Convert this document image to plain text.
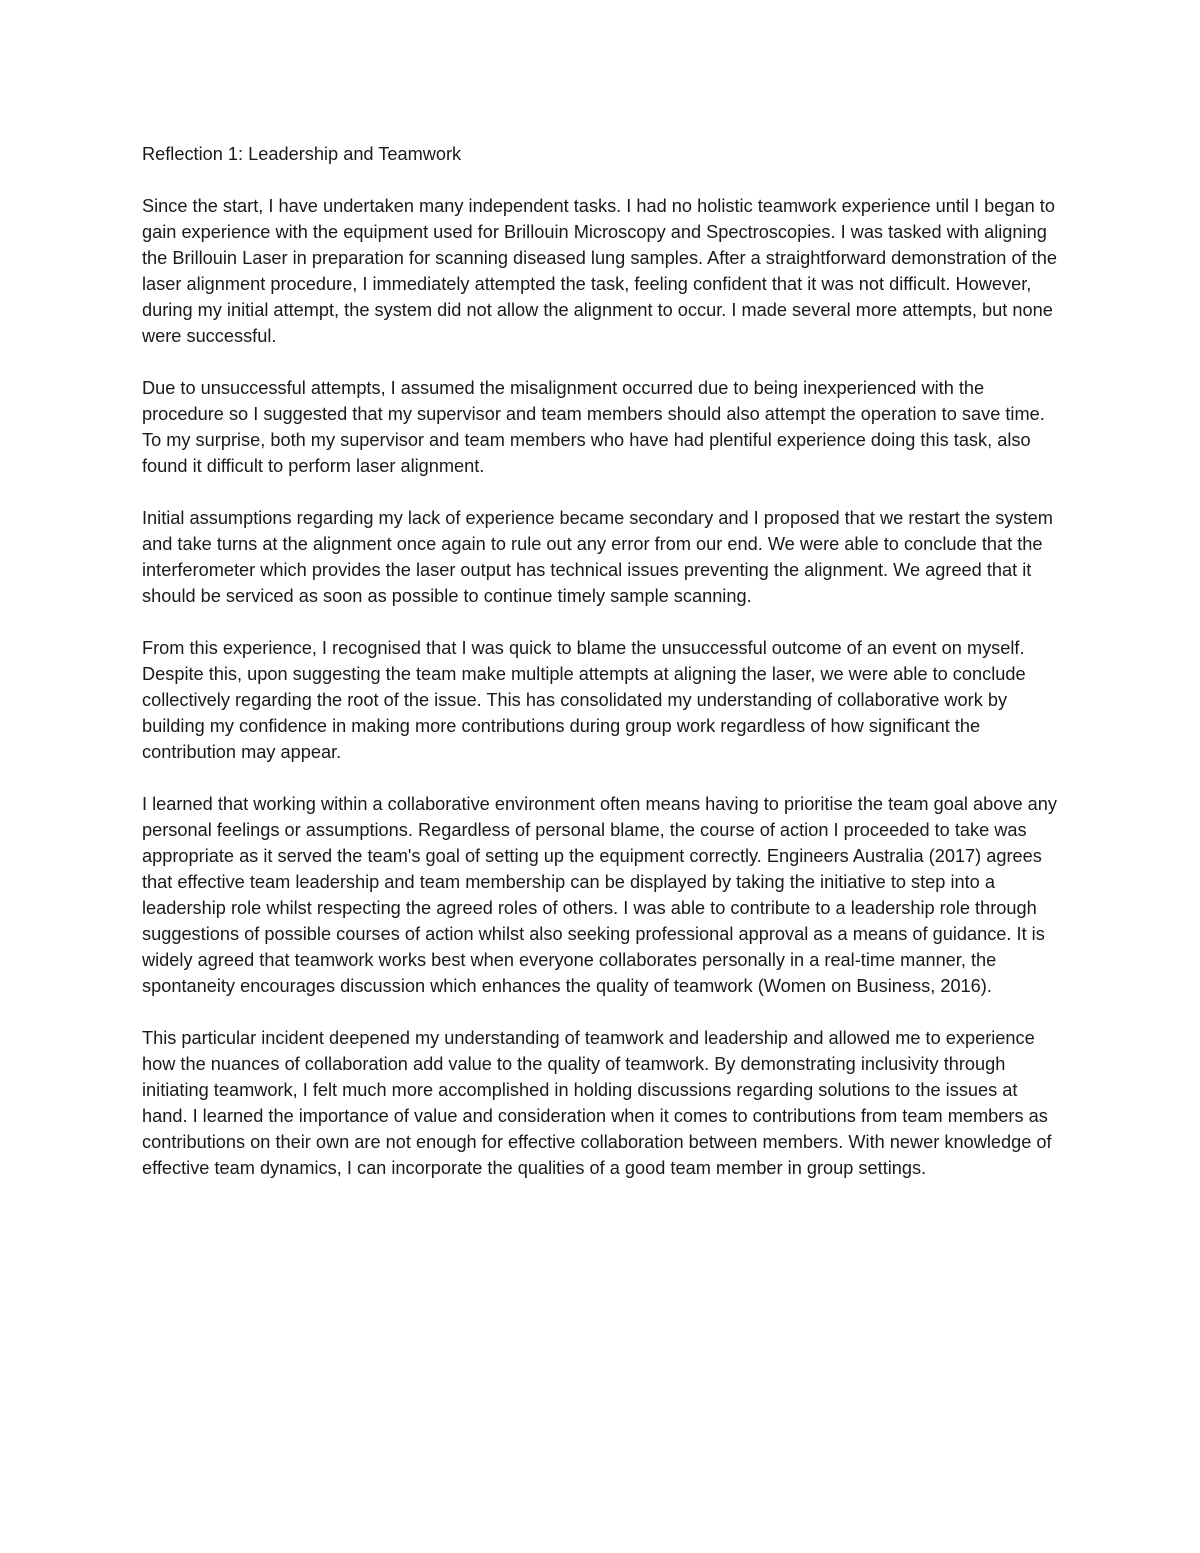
Reflection 1: Leadership and Teamwork

Since the start, I have undertaken many independent tasks. I had no holistic teamwork experience until I began to gain experience with the equipment used for Brillouin Microscopy and Spectroscopies. I was tasked with aligning the Brillouin Laser in preparation for scanning diseased lung samples. After a straightforward demonstration of the laser alignment procedure, I immediately attempted the task, feeling confident that it was not difficult. However, during my initial attempt, the system did not allow the alignment to occur. I made several more attempts, but none were successful.

Due to unsuccessful attempts, I assumed the misalignment occurred due to being inexperienced with the procedure so I suggested that my supervisor and team members should also attempt the operation to save time. To my surprise, both my supervisor and team members who have had plentiful experience doing this task, also found it difficult to perform laser alignment.

Initial assumptions regarding my lack of experience became secondary and I proposed that we restart the system and take turns at the alignment once again to rule out any error from our end. We were able to conclude that the interferometer which provides the laser output has technical issues preventing the alignment. We agreed that it should be serviced as soon as possible to continue timely sample scanning.

From this experience, I recognised that I was quick to blame the unsuccessful outcome of an event on myself. Despite this, upon suggesting the team make multiple attempts at aligning the laser, we were able to conclude collectively regarding the root of the issue. This has consolidated my understanding of collaborative work by building my confidence in making more contributions during group work regardless of how significant the contribution may appear.

I learned that working within a collaborative environment often means having to prioritise the team goal above any personal feelings or assumptions. Regardless of personal blame, the course of action I proceeded to take was appropriate as it served the team's goal of setting up the equipment correctly. Engineers Australia (2017) agrees that effective team leadership and team membership can be displayed by taking the initiative to step into a leadership role whilst respecting the agreed roles of others. I was able to contribute to a leadership role through suggestions of possible courses of action whilst also seeking professional approval as a means of guidance. It is widely agreed that teamwork works best when everyone collaborates personally in a real-time manner, the spontaneity encourages discussion which enhances the quality of teamwork (Women on Business, 2016).

This particular incident deepened my understanding of teamwork and leadership and allowed me to experience how the nuances of collaboration add value to the quality of teamwork. By demonstrating inclusivity through initiating teamwork, I felt much more accomplished in holding discussions regarding solutions to the issues at hand. I learned the importance of value and consideration when it comes to contributions from team members as contributions on their own are not enough for effective collaboration between members. With newer knowledge of effective team dynamics, I can incorporate the qualities of a good team member in group settings.
